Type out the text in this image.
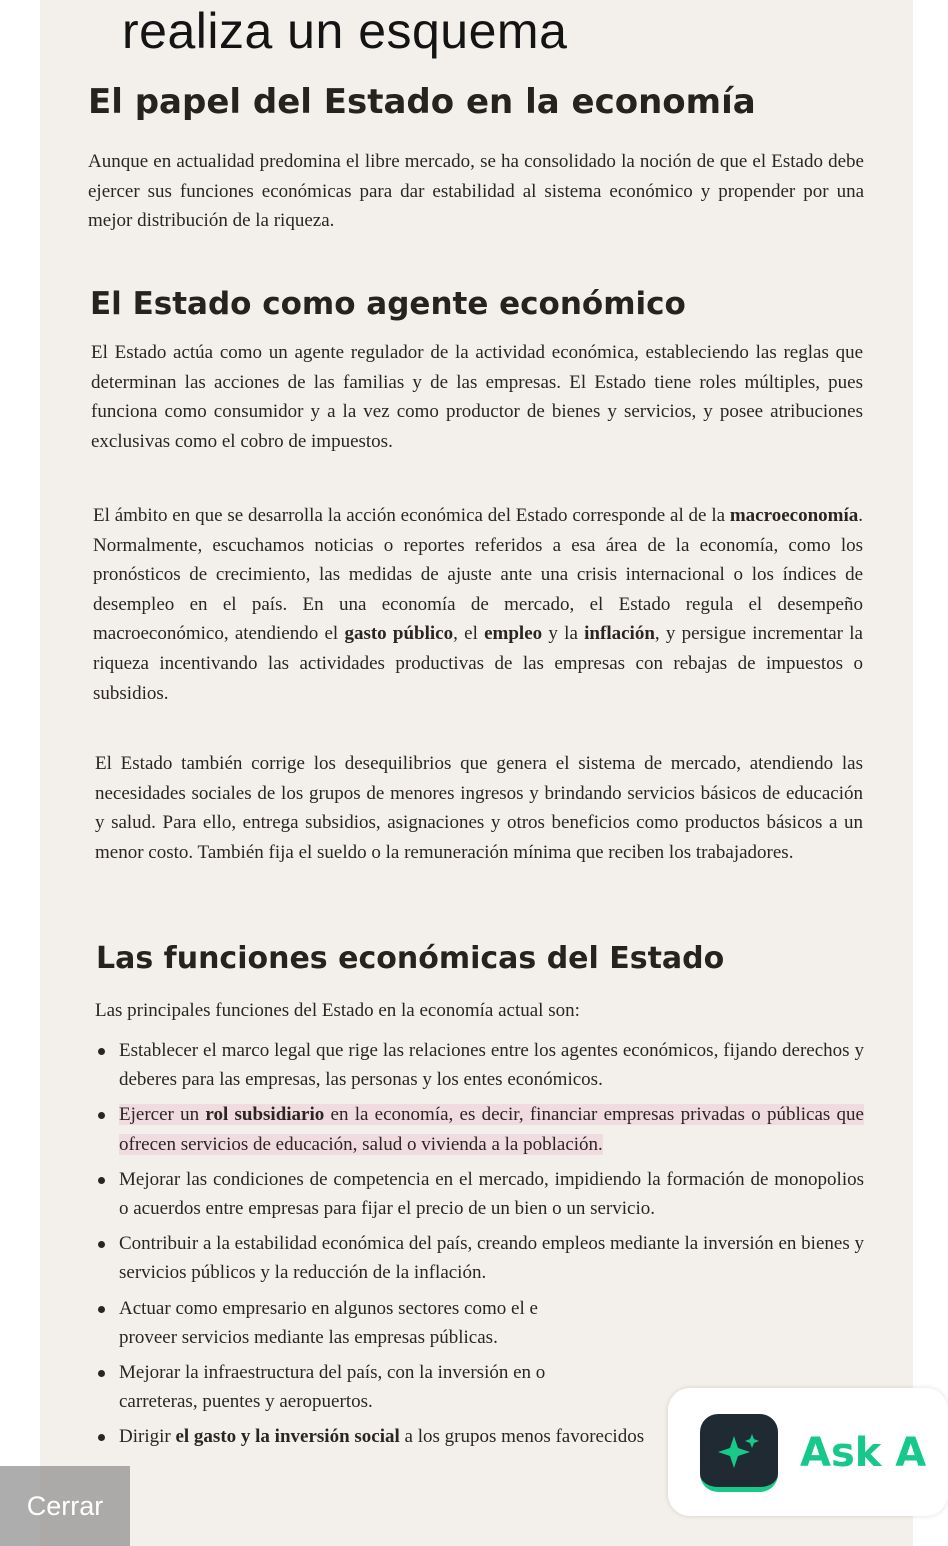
realiza un esquema
El papel del Estado en la economía
Aunque en actualidad predomina el libre mercado, se ha consolidado la noción de que el Estado debe ejercer sus funciones económicas para dar estabilidad al sistema económico y propender por una mejor distribución de la riqueza.
El Estado como agente económico
El Estado actúa como un agente regulador de la actividad económica, estableciendo las reglas que determinan las acciones de las familias y de las empresas. El Estado tiene roles múltiples, pues funciona como consumidor y a la vez como productor de bienes y servicios, y posee atribuciones exclusivas como el cobro de impuestos.
El ámbito en que se desarrolla la acción económica del Estado corresponde al de la macroeconomía. Normalmente, escuchamos noticias o reportes referidos a esa área de la economía, como los pronósticos de crecimiento, las medidas de ajuste ante una crisis internacional o los índices de desempleo en el país. En una economía de mercado, el Estado regula el desempeño macroeconómico, atendiendo el gasto público, el empleo y la inflación, y persigue incrementar la riqueza incentivando las actividades productivas de las empresas con rebajas de impuestos o subsidios.
El Estado también corrige los desequilibrios que genera el sistema de mercado, atendiendo las necesidades sociales de los grupos de menores ingresos y brindando servicios básicos de educación y salud. Para ello, entrega subsidios, asignaciones y otros beneficios como productos básicos a un menor costo. También fija el sueldo o la remuneración mínima que reciben los trabajadores.
Las funciones económicas del Estado
Las principales funciones del Estado en la economía actual son:
Establecer el marco legal que rige las relaciones entre los agentes económicos, fijando derechos y deberes para las empresas, las personas y los entes económicos.
Ejercer un rol subsidiario en la economía, es decir, financiar empresas privadas o públicas que ofrecen servicios de educación, salud o vivienda a la población.
Mejorar las condiciones de competencia en el mercado, impidiendo la formación de monopolios o acuerdos entre empresas para fijar el precio de un bien o un servicio.
Contribuir a la estabilidad económica del país, creando empleos mediante la inversión en bienes y servicios públicos y la reducción de la inflación.
Actuar como empresario en algunos sectores como el e
proveer servicios mediante las empresas públicas.
Mejorar la infraestructura del país, con la inversión en o
carreteras, puentes y aeropuertos.
Dirigir el gasto y la inversión social a los grupos menos favorecidos
Cerrar
Ask A
